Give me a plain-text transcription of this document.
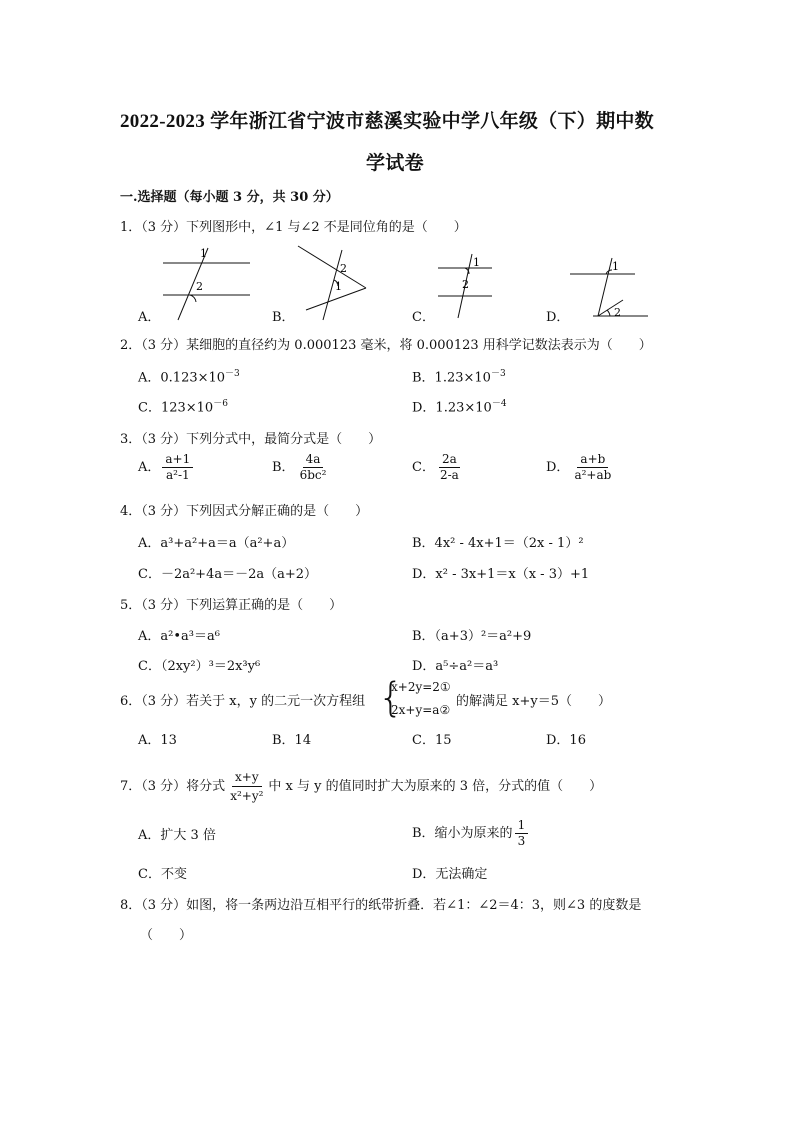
2022-2023 学年浙江省宁波市慈溪实验中学八年级（下）期中数
学试卷
一.选择题（每小题 3 分，共 30 分）
1．（3 分）下列图形中，∠1 与∠2 不是同位角的是（　　）
1
2
2
1
1
2
1
2
A．	B．	C．	D．
2．（3 分）某细胞的直径约为 0.000123 毫米，将 0.000123 用科学记数法表示为（　　）
A．$0.123\times 10^{-3}$	B．$1.23\times 10^{-3}$
C．$123\times 10^{-6}$	D．$1.23\times 10^{-4}$
3．（3 分）下列分式中，最简分式是（　　）
A． $\frac{a+1}{\text{a²-1}}$	B． $\frac{4a}{\text{6bc²}}$	C． $\frac{2a}{2-a}$	D． $\frac{a+b}{\text{a²+ab}}$
4．（3 分）下列因式分解正确的是（　　）
A．a³+a²+a＝a（a²+a）	B．4x² - 4x+1＝（2x - 1）²
C．－2a²+4a＝－2a（a+2）	D．x² - 3x+1＝x（x - 3）+1
5．（3 分）下列运算正确的是（　　）
A．a²•a³＝a⁶	B．（a+3）²＝a²+9
C．（2xy²）³＝2x³y⁶	D．a⁵÷a²＝a³
6．（3 分）若关于 x，y 的二元一次方程组 {
x+2y=2①
2x+y=a②
的解满足 x+y＝5（　　）
A．13	B．14	C．15	D．16
7．（3 分）将分式 $\frac{x+y}{\text{x²+y²}}$ 中 x 与 y 的值同时扩大为原来的 3 倍，分式的值（　　）
A．扩大 3 倍	B．缩小为原来的 $\frac{1}{3}$
C．不变	D．无法确定
8．（3 分）如图，将一条两边沿互相平行的纸带折叠．若∠1：∠2＝4：3，则∠3 的度数是
（　　）
